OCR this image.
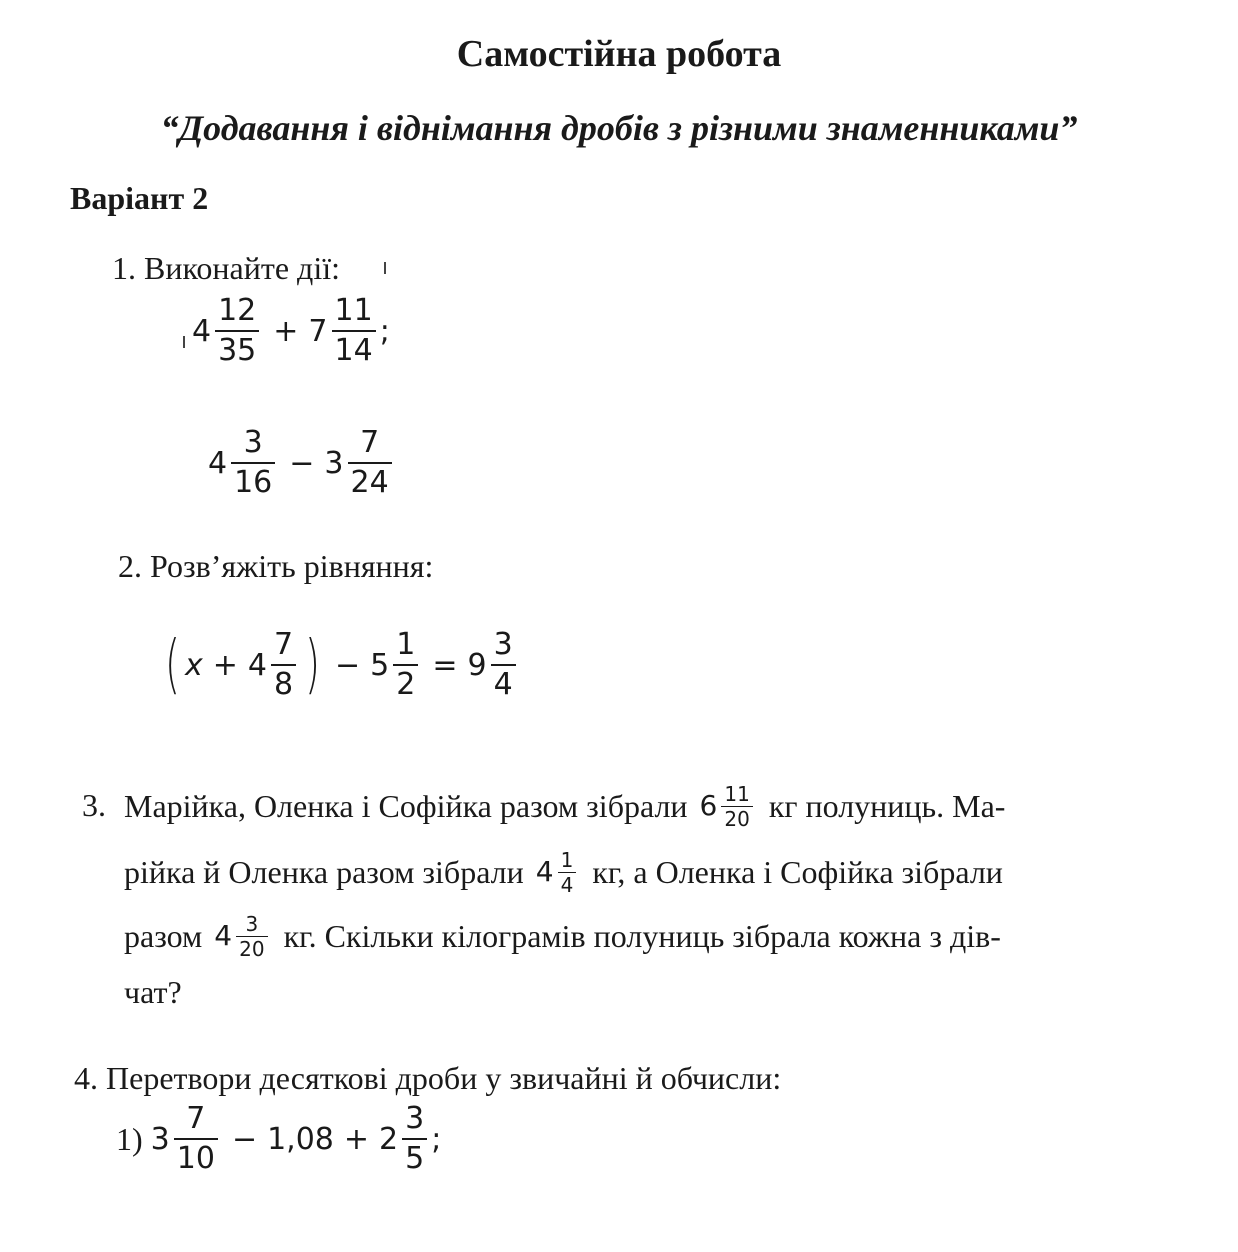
Самостійна робота
“Додавання і віднімання дробів з різними знаменниками”
Варіант 2
1. Виконайте дії:
$4 \frac{12}{35} + 7 \frac{11}{14}$ ;
$4 \frac{3}{16} - 3 \frac{7}{24}$
2. Розв’яжіть рівняння:
( $x + 4 \frac{7}{8}$ ) − $5 \frac{1}{2} = 9 \frac{3}{4}$
3. Марійка, Оленка і Софійка разом зібрали $6 \frac{11}{20}$ кг полуниць. Ма-
рійка й Оленка разом зібрали $4 \frac{1}{4}$ кг, а Оленка і Софійка зібрали
разом $4 \frac{3}{20}$ кг. Скільки кілограмів полуниць зібрала кожна з дів-
чат?
4. Перетвори десяткові дроби у звичайні й обчисли:
1) $3 \frac{7}{10} - 1,08 + 2 \frac{3}{5}$ ;
